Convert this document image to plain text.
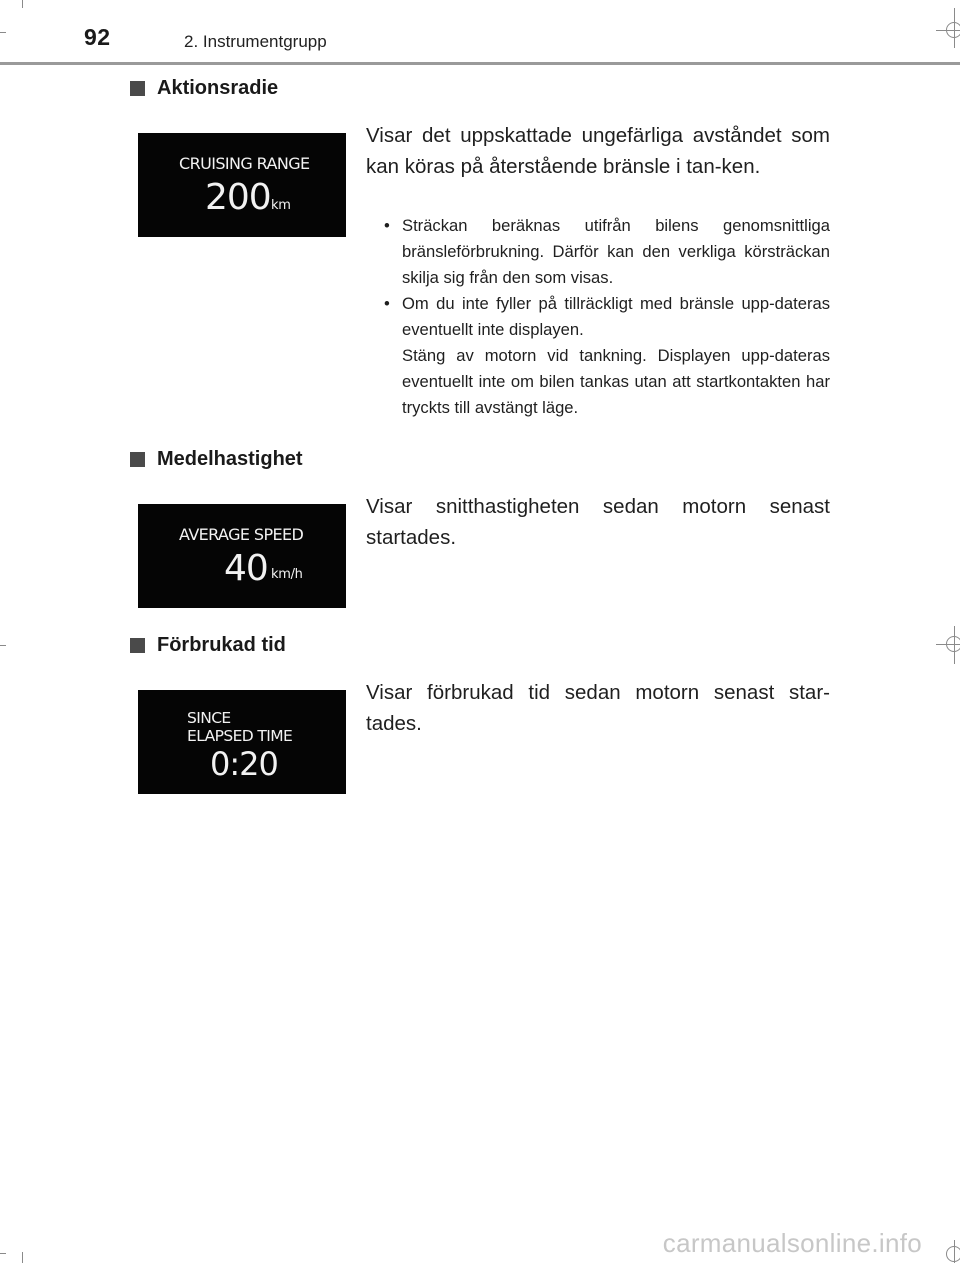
92	2. Instrumentgrupp
Aktionsradie
CRUISING RANGE
200 km
Visar det uppskattade ungefärliga avståndet som kan köras på återstående bränsle i tan-ken.
• Sträckan beräknas utifrån bilens genomsnittliga bränsleförbrukning. Därför kan den verkliga körsträckan skilja sig från den som visas.

• Om du inte fyller på tillräckligt med bränsle upp-dateras eventuellt inte displayen.

Stäng av motorn vid tankning. Displayen upp-dateras eventuellt inte om bilen tankas utan att startkontakten har tryckts till avstängt läge.

Medelhastighet
AVERAGE SPEED
40 km/h
Visar snitthastigheten sedan motorn senast startades.
Förbrukad tid
SINCE
ELAPSED TIME
0:20
Visar förbrukad tid sedan motorn senast star-tades.
carmanualsonline.info
